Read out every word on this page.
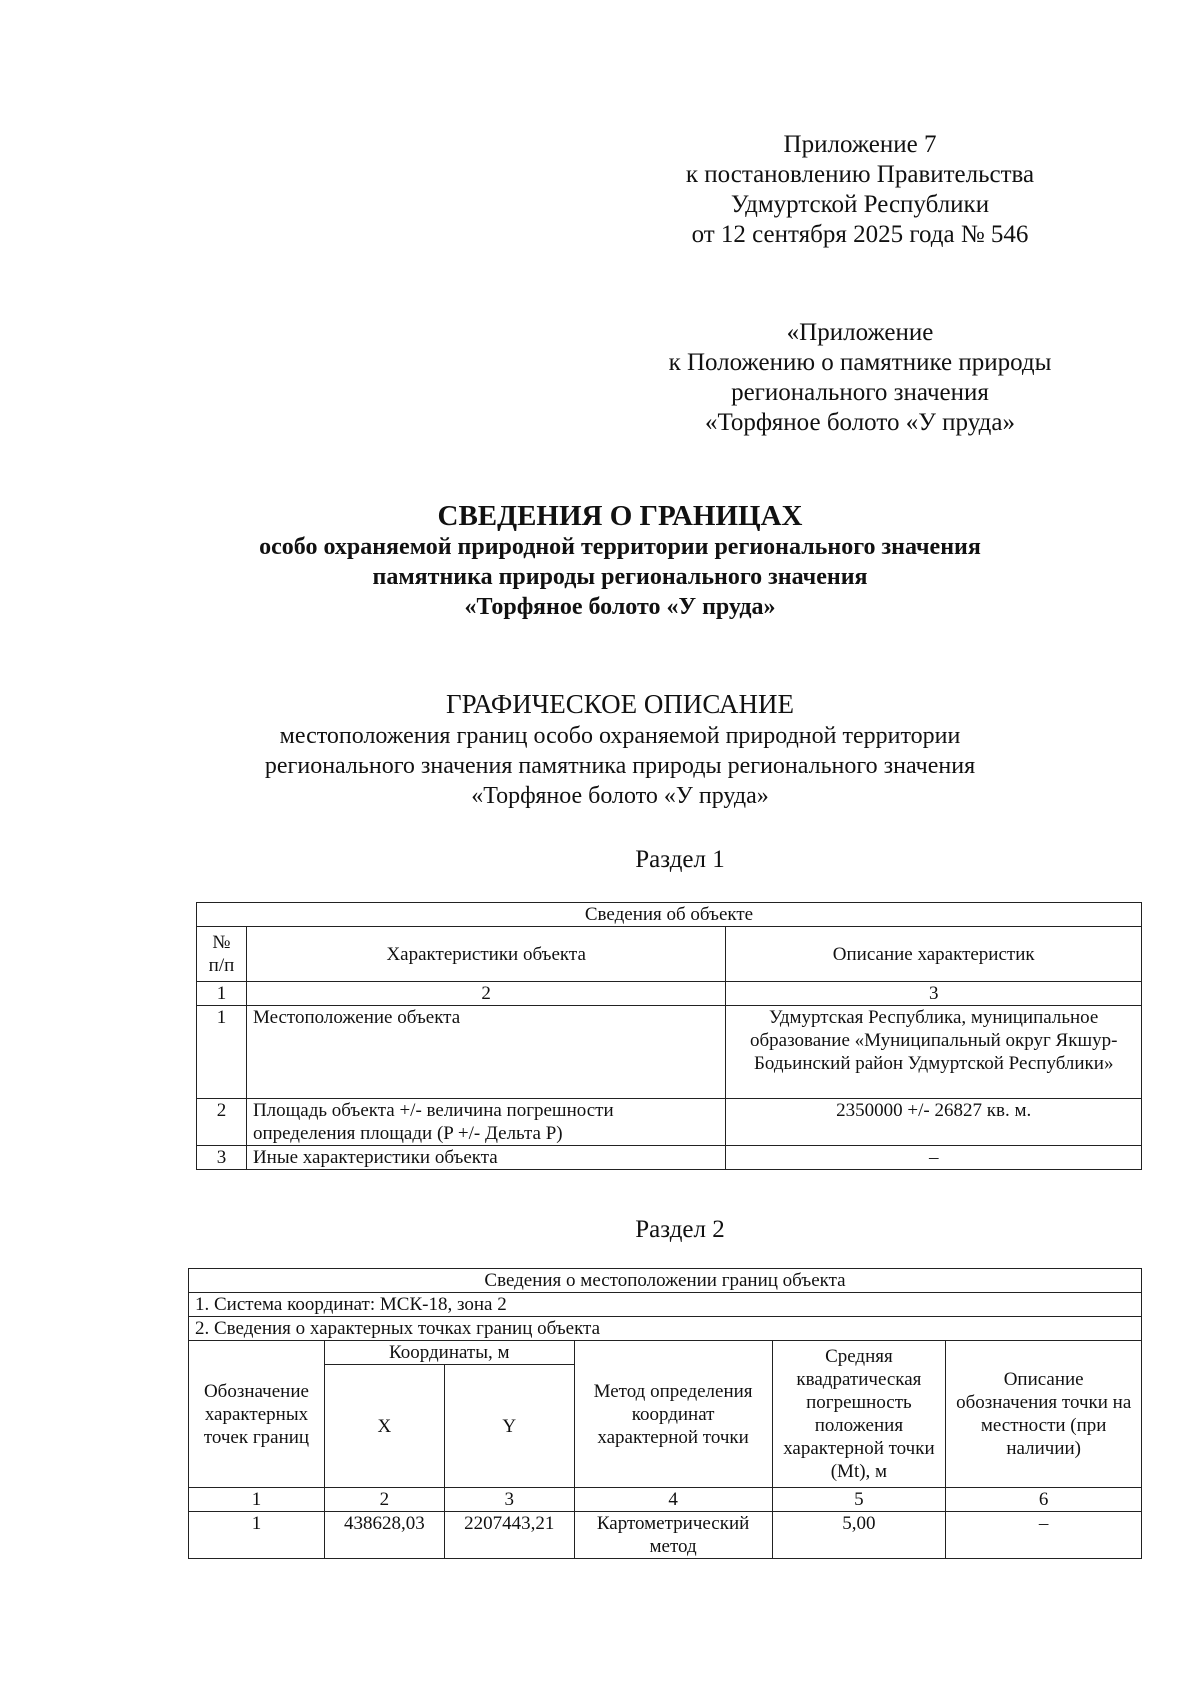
Приложение 7
к постановлению Правительства
Удмуртской Республики
от 12 сентября 2025 года № 546
«Приложение
к Положению о памятнике природы
регионального значения
«Торфяное болото «У пруда»
СВЕДЕНИЯ О ГРАНИЦАХ
особо охраняемой природной территории регионального значения
памятника природы регионального значения
«Торфяное болото «У пруда»
ГРАФИЧЕСКОЕ ОПИСАНИЕ
местоположения границ особо охраняемой природной территории
регионального значения памятника природы регионального значения
«Торфяное болото «У пруда»
Раздел 1
Сведения об объекте		
№ п/п	Характеристики объекта	Описание характеристик
1	2	3
1	Местоположение объекта	Удмуртская Республика, муниципальное образование «Муниципальный округ Якшур-Бодьинский район Удмуртской Республики»
2	Площадь объекта +/- величина погрешности определения площади (P +/- Дельта P)	2350000 +/- 26827 кв. м.
3	Иные характеристики объекта	–
Раздел 2
Сведения о местоположении границ объекта					
1. Система координат: МСК-18, зона 2					
2. Сведения о характерных точках границ объекта					
Обозначение характерных точек границ	Координаты, м		Метод определения координат характерной точки	Средняя квадратическая погрешность положения характерной точки (Mt), м	Описание обозначения точки на местности (при наличии)
	X	Y			
1	2	3	4	5	6
1	438628,03	2207443,21	Картометрический метод	5,00	–
